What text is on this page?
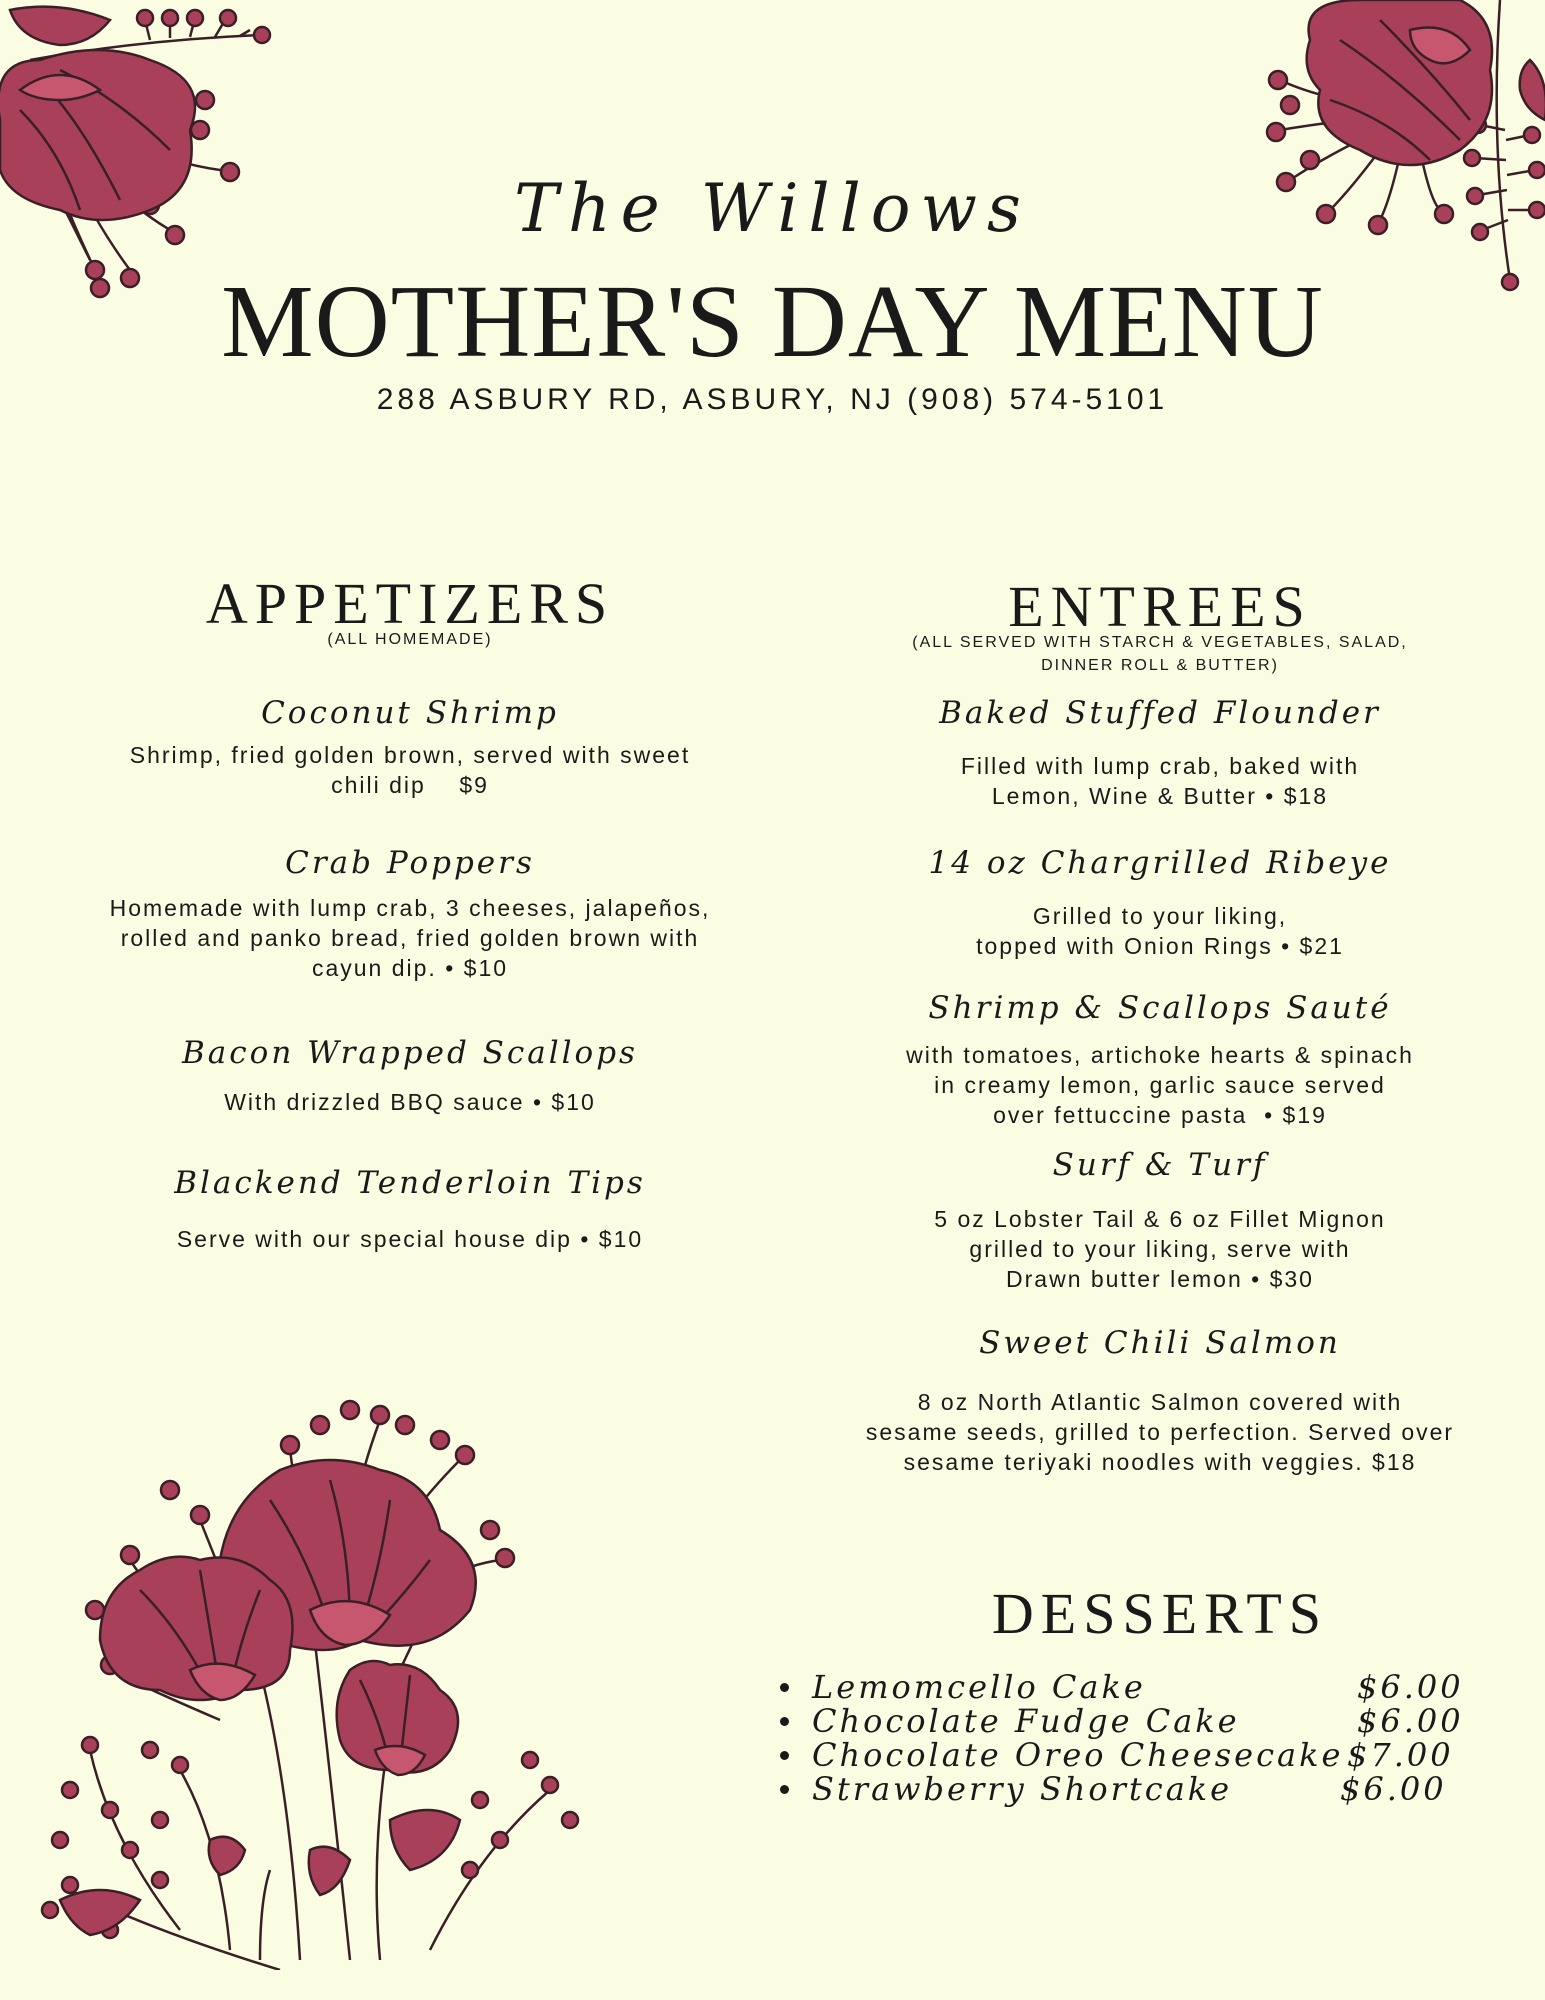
The Willows
MOTHER'S DAY MENU
288 ASBURY RD, ASBURY, NJ (908) 574-5101
APPETIZERS
(ALL HOMEMADE)
Coconut Shrimp
Shrimp, fried golden brown, served with sweet
chili dip    $9
Crab Poppers
Homemade with lump crab, 3 cheeses, jalapeños,
rolled and panko bread, fried golden brown with
cayun dip. • $10
Bacon Wrapped Scallops
With drizzled BBQ sauce • $10
Blackend Tenderloin Tips
Serve with our special house dip • $10
ENTREES
(ALL SERVED WITH STARCH & VEGETABLES, SALAD,
DINNER ROLL & BUTTER)
Baked Stuffed Flounder
Filled with lump crab, baked with
Lemon, Wine & Butter • $18
14 oz Chargrilled Ribeye
Grilled to your liking,
topped with Onion Rings • $21
Shrimp & Scallops Sauté
with tomatoes, artichoke hearts & spinach
in creamy lemon, garlic sauce served
over fettuccine pasta  • $19
Surf & Turf
5 oz Lobster Tail & 6 oz Fillet Mignon
grilled to your liking, serve with
Drawn butter lemon • $30
Sweet Chili Salmon
8 oz North Atlantic Salmon covered with
sesame seeds, grilled to perfection. Served over
sesame teriyaki noodles with veggies. $18
DESSERTS
Lemomcello Cake	$6.00
Chocolate Fudge Cake	$6.00
Chocolate Oreo Cheesecake $7.00
Strawberry Shortcake	$6.00
